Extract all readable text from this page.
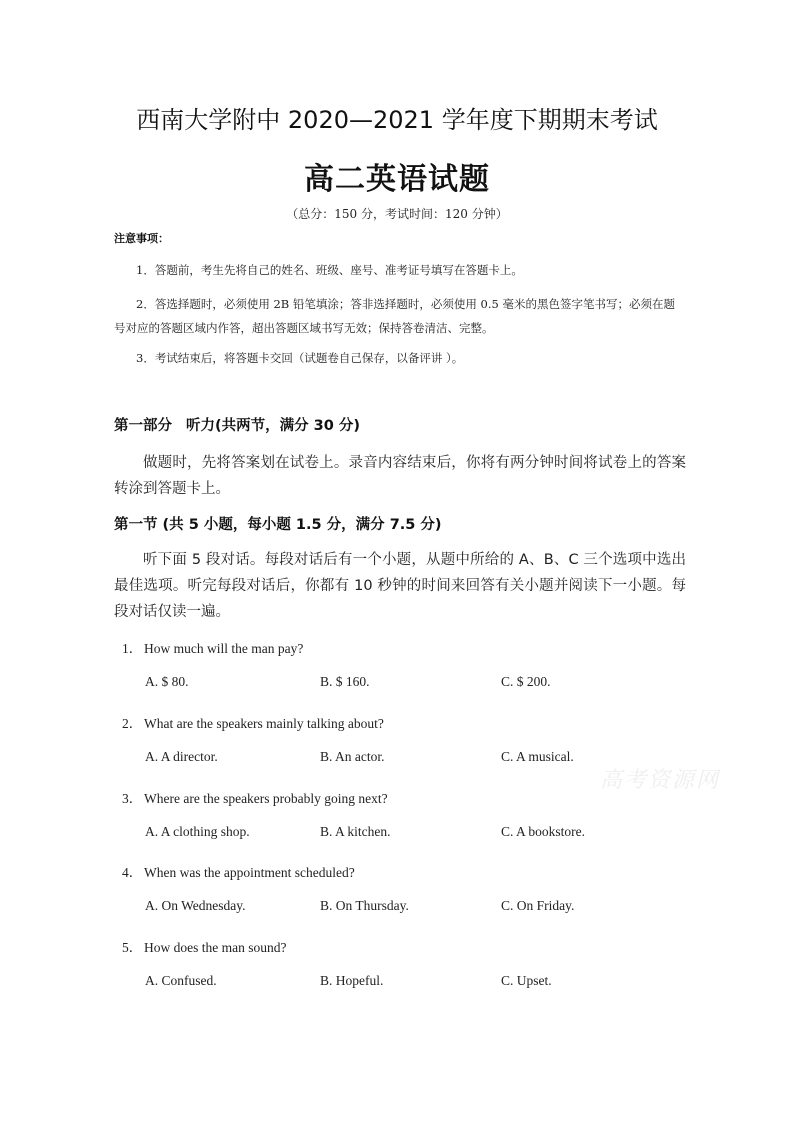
西南大学附中 2020—2021 学年度下期期末考试
高二英语试题
（总分：150 分，考试时间：120 分钟）
注意事项：
1．答题前，考生先将自己的姓名、班级、座号、准考证号填写在答题卡上。
2．答选择题时，必须使用 2B 铅笔填涂；答非选择题时，必须使用 0.5 毫米的黑色签字笔书写；必须在题号对应的答题区域内作答，超出答题区域书写无效；保持答卷清洁、完整。
3．考试结束后，将答题卡交回（试题卷自己保存，以备评讲 ）。
第一部分 听力(共两节，满分 30 分)
做题时，先将答案划在试卷上。录音内容结束后，你将有两分钟时间将试卷上的答案转涂到答题卡上。
第一节 (共 5 小题，每小题 1.5 分，满分 7.5 分)
听下面 5 段对话。每段对话后有一个小题，从题中所给的 A、B、C 三个选项中选出最佳选项。听完每段对话后，你都有 10 秒钟的时间来回答有关小题并阅读下一小题。每段对话仅读一遍。
1． How much will the man pay?
A. $ 80.	B. $ 160.	C. $ 200.
2． What are the speakers mainly talking about?
A. A director.	B. An actor.	C. A musical.
3． Where are the speakers probably going next?
A. A clothing shop.	B. A kitchen.	C. A bookstore.
4． When was the appointment scheduled?
A. On Wednesday.	B. On Thursday.	C. On Friday.
5． How does the man sound?
A. Confused.	B. Hopeful.	C. Upset.
高考资源网
